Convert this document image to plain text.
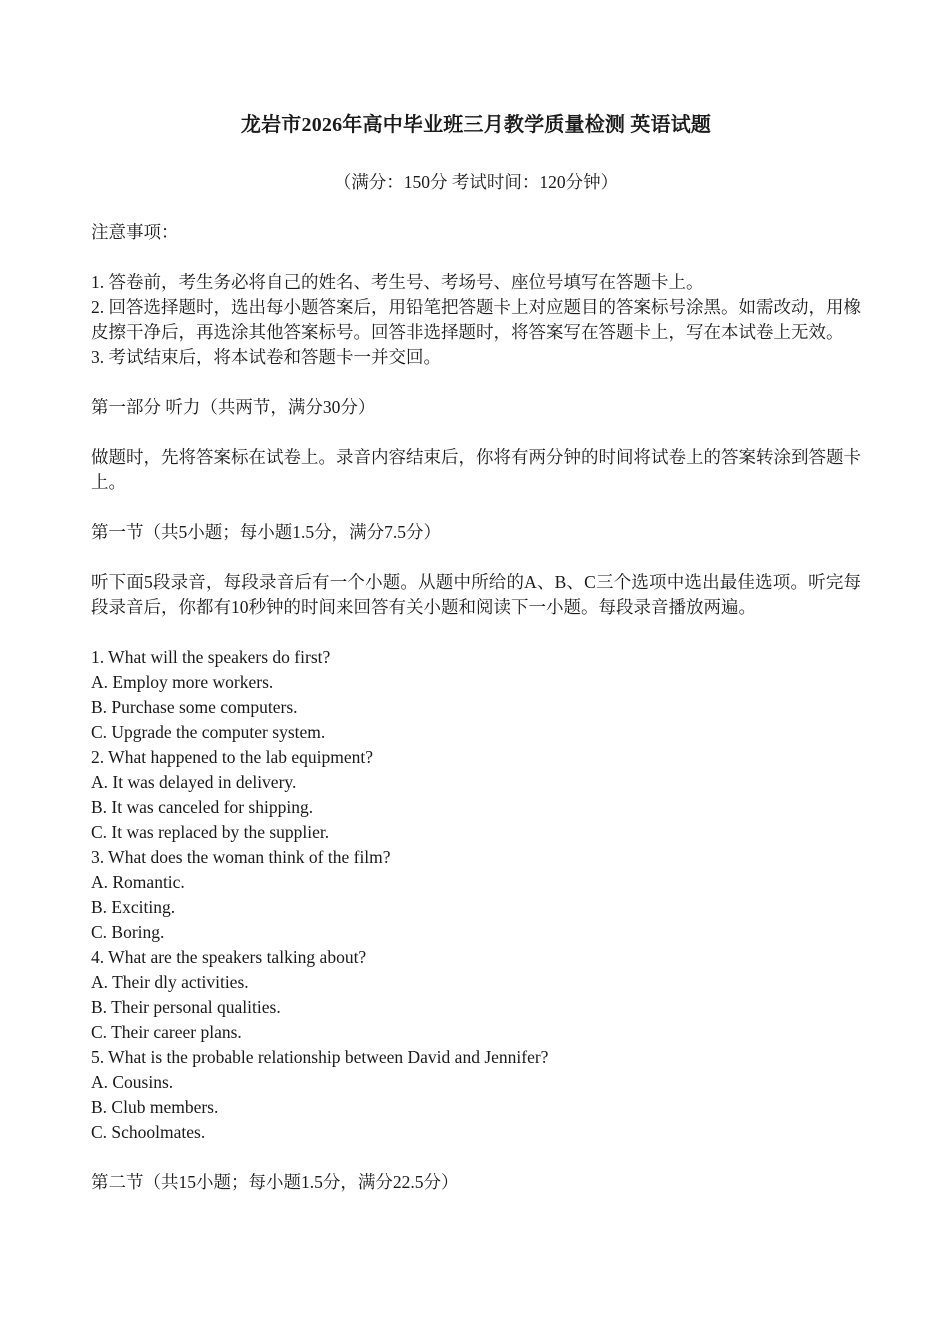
龙岩市2026年高中毕业班三月教学质量检测 英语试题
（满分：150分 考试时间：120分钟）

注意事项：

1. 答卷前，考生务必将自己的姓名、考生号、考场号、座位号填写在答题卡上。

2. 回答选择题时，选出每小题答案后，用铅笔把答题卡上对应题目的答案标号涂黑。如需改动，用橡皮擦干净后，再选涂其他答案标号。回答非选择题时，将答案写在答题卡上，写在本试卷上无效。

3. 考试结束后，将本试卷和答题卡一并交回。

第一部分 听力（共两节，满分30分）

做题时，先将答案标在试卷上。录音内容结束后，你将有两分钟的时间将试卷上的答案转涂到答题卡上。

第一节（共5小题；每小题1.5分，满分7.5分）

听下面5段录音，每段录音后有一个小题。从题中所给的A、B、C三个选项中选出最佳选项。听完每段录音后，你都有10秒钟的时间来回答有关小题和阅读下一小题。每段录音播放两遍。

1. What will the speakers do first?

A. Employ more workers.

B. Purchase some computers.

C. Upgrade the computer system.

2. What happened to the lab equipment?

A. It was delayed in delivery.

B. It was canceled for shipping.

C. It was replaced by the supplier.

3. What does the woman think of the film?

A. Romantic.

B. Exciting.

C. Boring.

4. What are the speakers talking about?

A. Their dly activities.

B. Their personal qualities.

C. Their career plans.

5. What is the probable relationship between David and Jennifer?

A. Cousins.

B. Club members.

C. Schoolmates.

第二节（共15小题；每小题1.5分，满分22.5分）
